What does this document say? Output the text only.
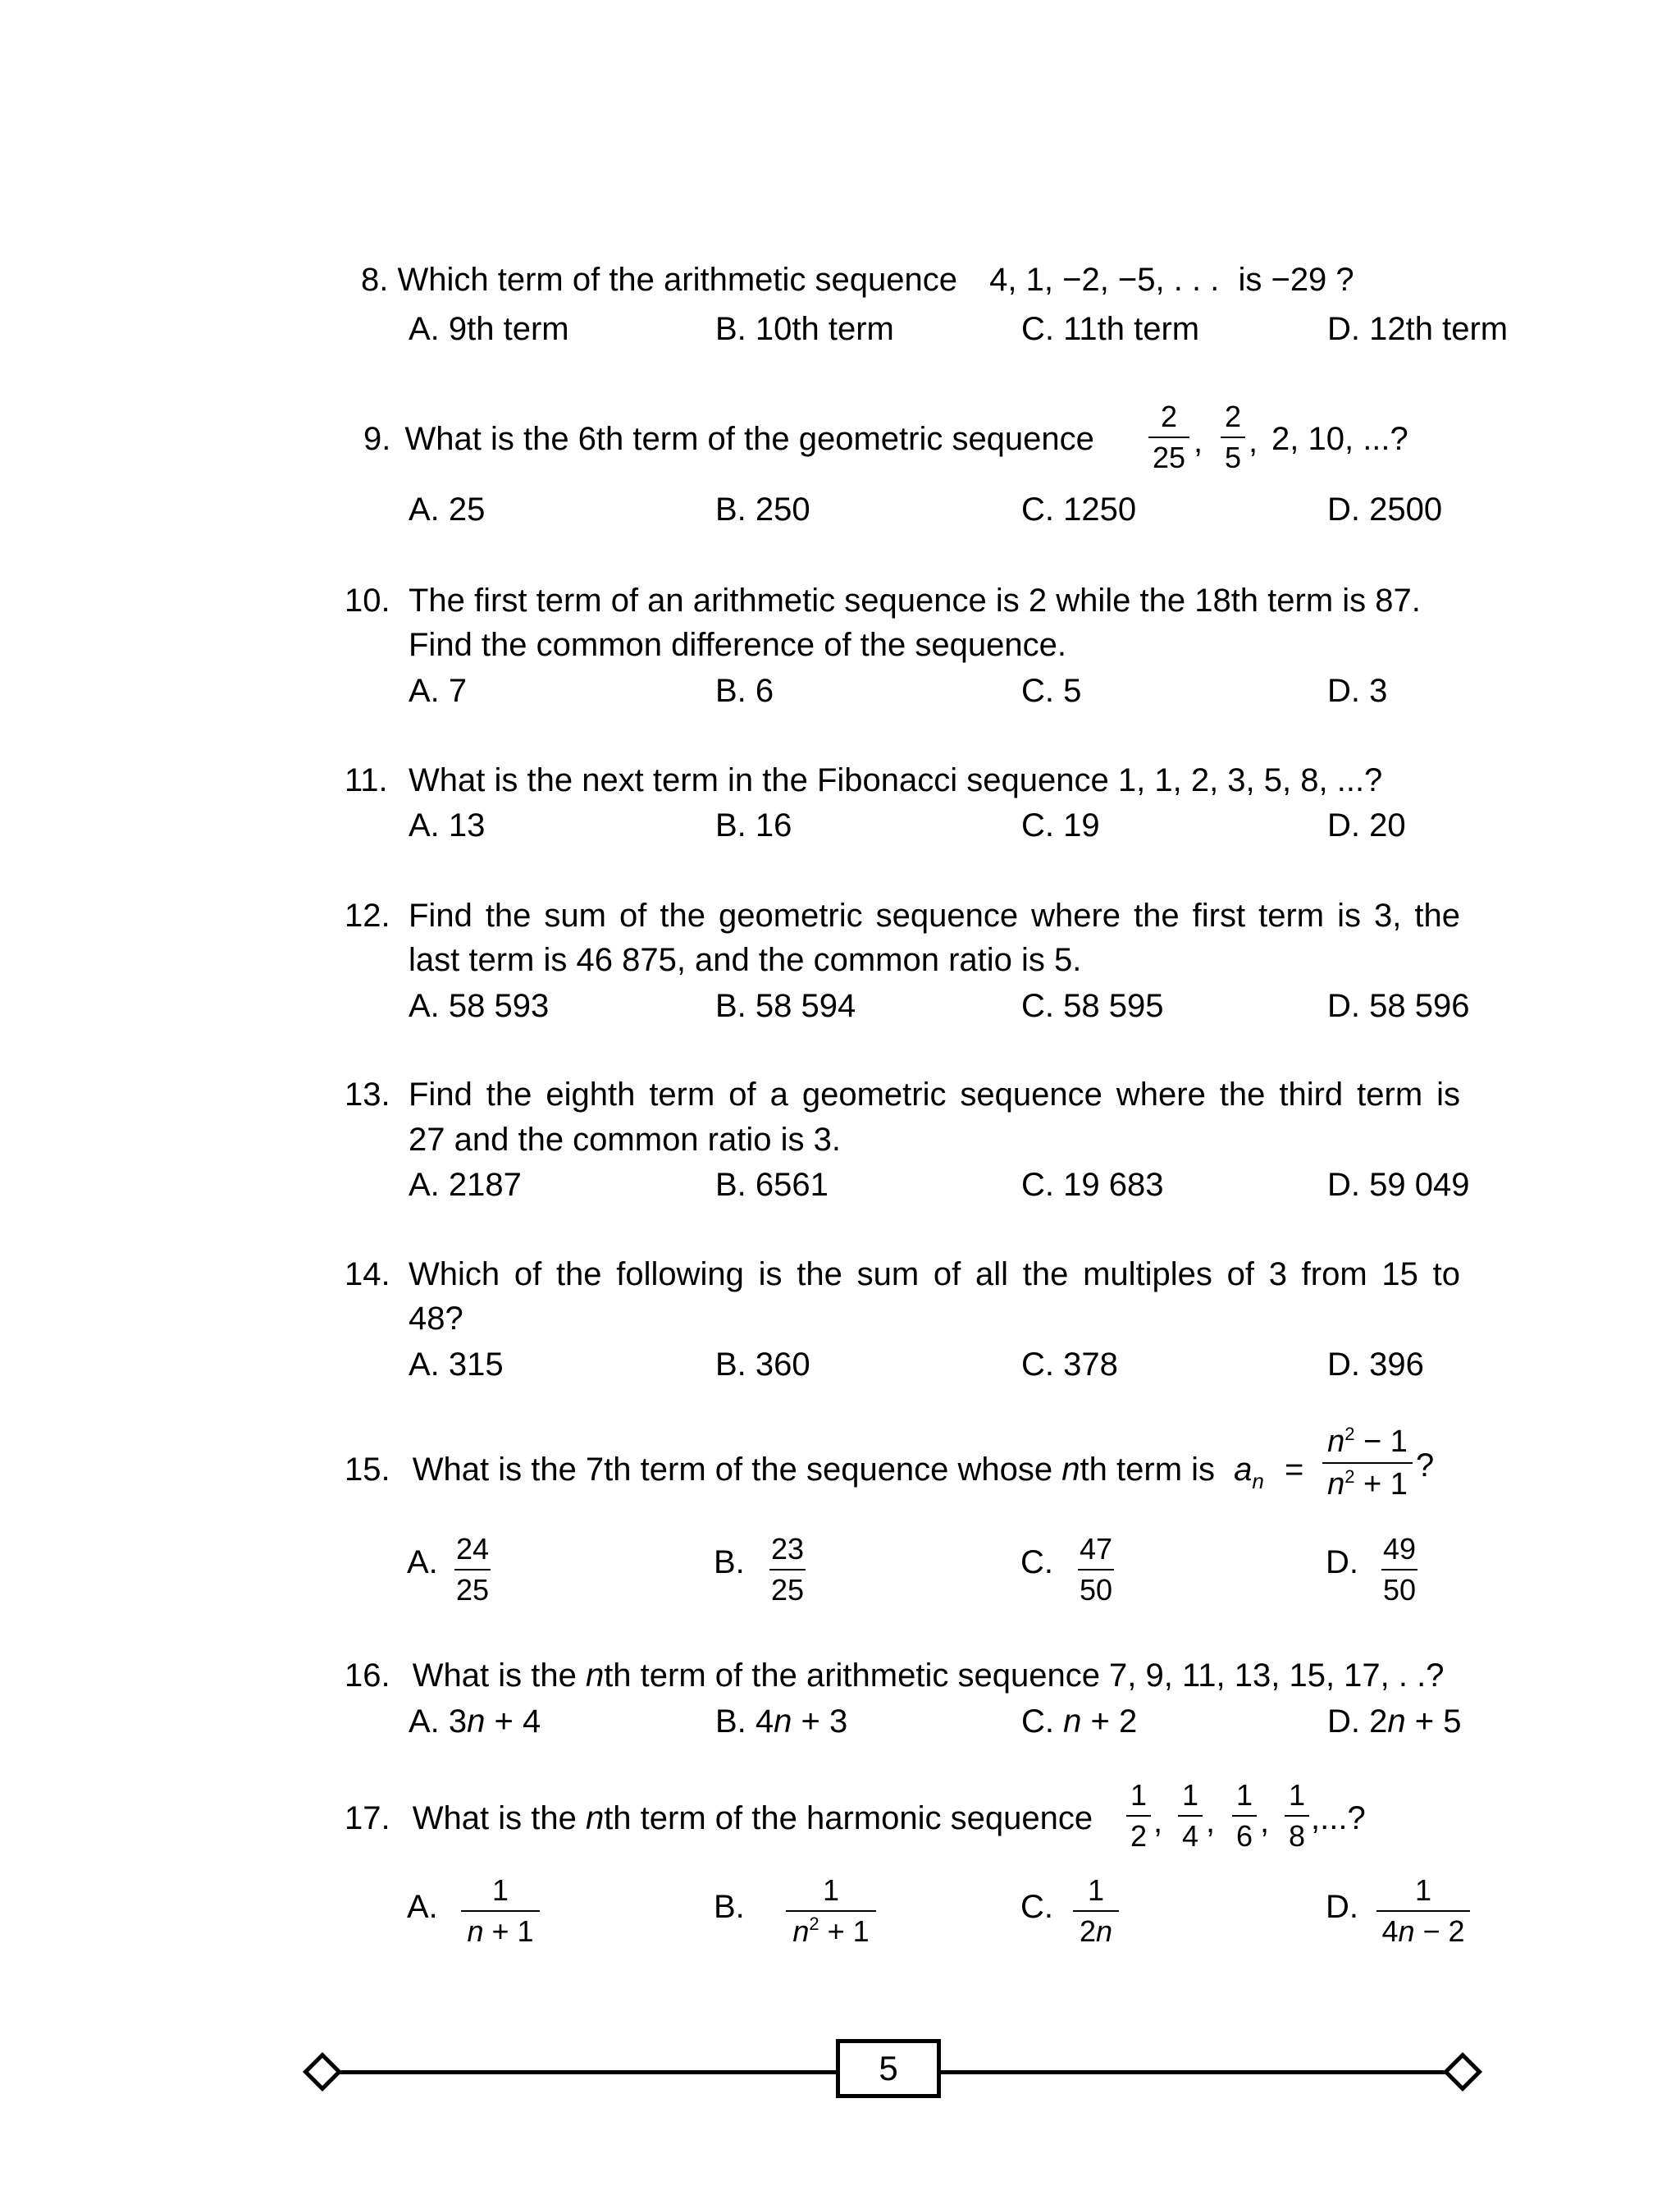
8. Which term of the arithmetic sequence 4, 1, −2, −5, . . . is −29 ?
A. 9th term	B. 10th term	C. 11th term	D. 12th term
9. What is the 6th term of the geometric sequence $\frac{2}{25}$ , $\frac{2}{5}$ , 2, 10, ...?
A. 25	B. 250	C. 1250	D. 2500
10. The first term of an arithmetic sequence is 2 while the 18th term is 87.
Find the common difference of the sequence.
A. 7	B. 6	C. 5	D. 3
11. What is the next term in the Fibonacci sequence 1, 1, 2, 3, 5, 8, ...?
A. 13	B. 16	C. 19	D. 20
12. Find the sum of the geometric sequence where the first term is 3, the
last term is 46 875, and the common ratio is 5.
A. 58 593	B. 58 594	C. 58 595	D. 58 596
13. Find the eighth term of a geometric sequence where the third term is
27 and the common ratio is 3.
A. 2187	B. 6561	C. 19 683	D. 59 049
14. Which of the following is the sum of all the multiples of 3 from 15 to
48?
A. 315	B. 360	C. 378	D. 396
15. What is the 7th term of the sequence whose nth term is $a_n = \frac{n^2 - 1}{n^2 + 1}$ ?
A. $\frac{24}{25}$	B. $\frac{23}{25}$	C. $\frac{47}{50}$	D. $\frac{49}{50}$
16. What is the nth term of the arithmetic sequence 7, 9, 11, 13, 15, 17, . .?
A. 3n + 4	B. 4n + 3	C. n + 2	D. 2n + 5
17. What is the nth term of the harmonic sequence $\frac{1}{2}$ , $\frac{1}{4}$ , $\frac{1}{6}$ , $\frac{1}{8}$ ,...?
A. $\frac{1}{n + 1}$	B. $\frac{1}{n^2 + 1}$	C. $\frac{1}{2n}$	D. $\frac{1}{4n - 2}$
5
